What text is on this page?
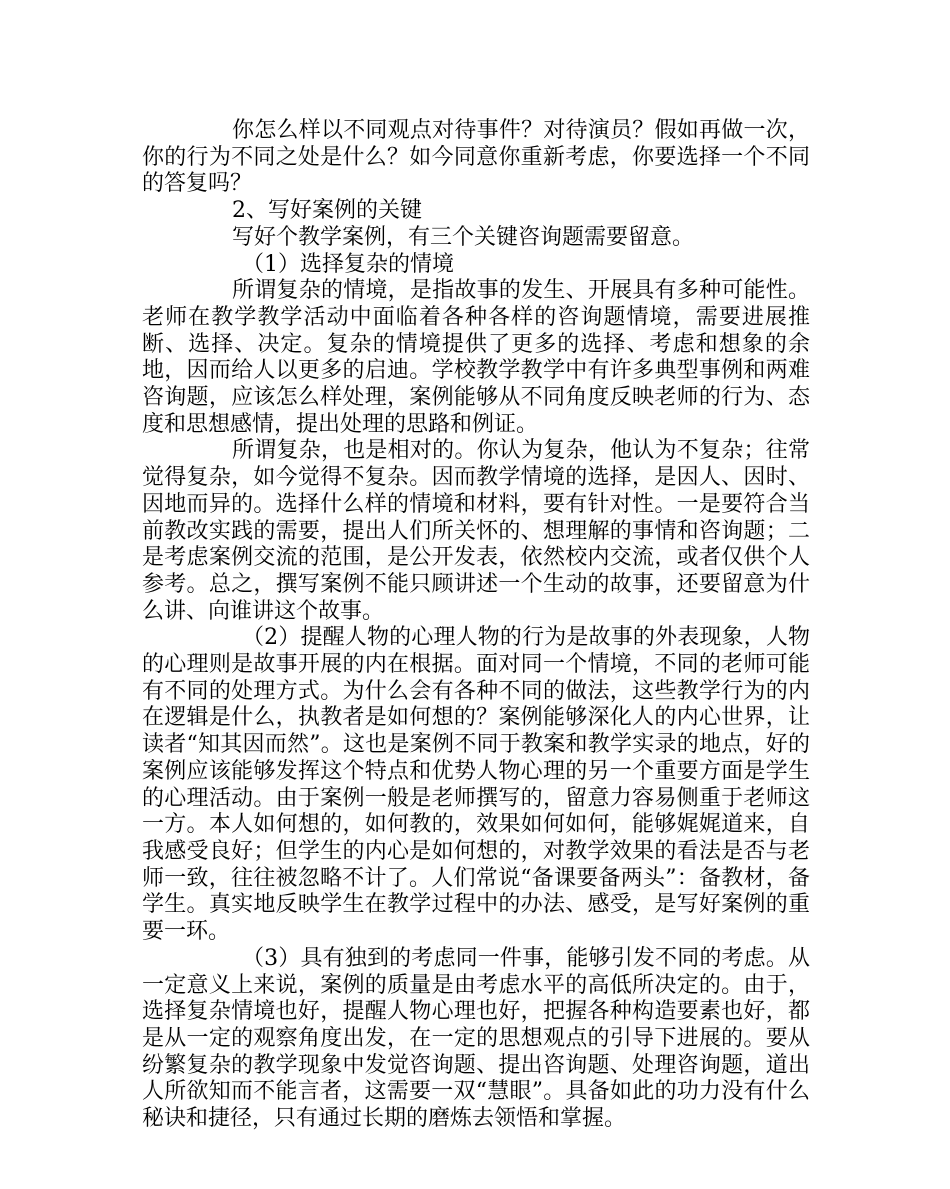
你怎么样以不同观点对待事件？对待演员？假如再做一次，你的行为不同之处是什么？如今同意你重新考虑，你要选择一个不同的答复吗？

2、写好案例的关键

写好个教学案例，有三个关键咨询题需要留意。

（1）选择复杂的情境

所谓复杂的情境，是指故事的发生、开展具有多种可能性。老师在教学教学活动中面临着各种各样的咨询题情境，需要进展推断、选择、决定。复杂的情境提供了更多的选择、考虑和想象的余地，因而给人以更多的启迪。学校教学教学中有许多典型事例和两难咨询题，应该怎么样处理，案例能够从不同角度反映老师的行为、态度和思想感情，提出处理的思路和例证。

所谓复杂，也是相对的。你认为复杂，他认为不复杂；往常觉得复杂，如今觉得不复杂。因而教学情境的选择，是因人、因时、因地而异的。选择什么样的情境和材料，要有针对性。一是要符合当前教改实践的需要，提出人们所关怀的、想理解的事情和咨询题；二是考虑案例交流的范围，是公开发表，依然校内交流，或者仅供个人参考。总之，撰写案例不能只顾讲述一个生动的故事，还要留意为什么讲、向谁讲这个故事。

（2）提醒人物的心理人物的行为是故事的外表现象，人物的心理则是故事开展的内在根据。面对同一个情境，不同的老师可能有不同的处理方式。为什么会有各种不同的做法，这些教学行为的内在逻辑是什么，执教者是如何想的？案例能够深化人的内心世界，让读者“知其因而然”。这也是案例不同于教案和教学实录的地点，好的案例应该能够发挥这个特点和优势人物心理的另一个重要方面是学生的心理活动。由于案例一般是老师撰写的，留意力容易侧重于老师这一方。本人如何想的，如何教的，效果如何如何，能够娓娓道来，自我感受良好；但学生的内心是如何想的，对教学效果的看法是否与老师一致，往往被忽略不计了。人们常说“备课要备两头”：备教材，备学生。真实地反映学生在教学过程中的办法、感受，是写好案例的重要一环。

（3）具有独到的考虑同一件事，能够引发不同的考虑。从一定意义上来说，案例的质量是由考虑水平的高低所决定的。由于，选择复杂情境也好，提醒人物心理也好，把握各种构造要素也好，都是从一定的观察角度出发，在一定的思想观点的引导下进展的。要从纷繁复杂的教学现象中发觉咨询题、提出咨询题、处理咨询题，道出人所欲知而不能言者，这需要一双“慧眼”。具备如此的功力没有什么秘诀和捷径，只有通过长期的磨炼去领悟和掌握。
